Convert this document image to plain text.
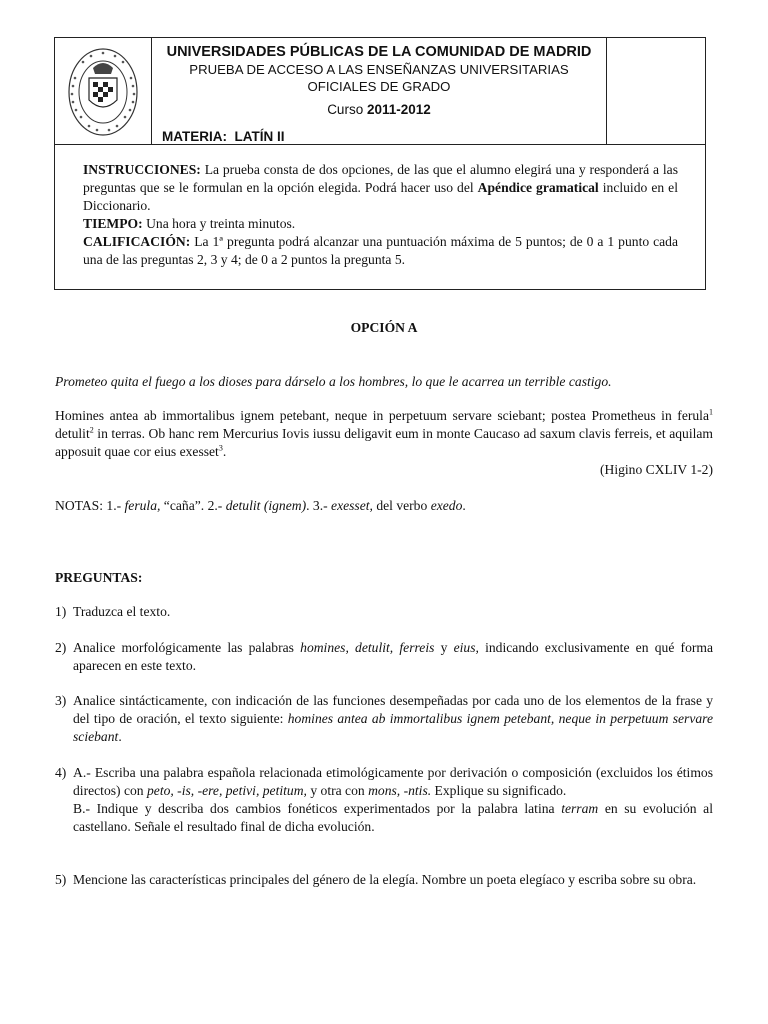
UNIVERSIDADES PÚBLICAS DE LA COMUNIDAD DE MADRID
PRUEBA DE ACCESO A LAS ENSEÑANZAS UNIVERSITARIAS
OFICIALES DE GRADO
Curso 2011-2012
MATERIA: LATÍN II

INSTRUCCIONES: La prueba consta de dos opciones, de las que el alumno elegirá una y responderá a las preguntas que se le formulan en la opción elegida. Podrá hacer uso del Apéndice gramatical incluido en el Diccionario.

TIEMPO: Una hora y treinta minutos.

CALIFICACIÓN: La 1ª pregunta podrá alcanzar una puntuación máxima de 5 puntos; de 0 a 1 punto cada una de las preguntas 2, 3 y 4; de 0 a 2 puntos la pregunta 5.

OPCIÓN A
Prometeo quita el fuego a los dioses para dárselo a los hombres, lo que le acarrea un terrible castigo.

Homines antea ab immortalibus ignem petebant, neque in perpetuum servare sciebant; postea Prometheus in ferula$^1$ detulit$^2$ in terras. Ob hanc rem Mercurius Iovis iussu deligavit eum in monte Caucaso ad saxum clavis ferreis, et aquilam apposuit quae cor eius exesset$^3$.

(Higino CXLIV 1-2)

NOTAS: 1.- ferula, “caña”. 2.- detulit (ignem). 3.- exesset, del verbo exedo.
PREGUNTAS:
1) Traduzca el texto.
2) Analice morfológicamente las palabras homines, detulit, ferreis y eius, indicando exclusivamente en qué forma aparecen en este texto.
3) Analice sintácticamente, con indicación de las funciones desempeñadas por cada uno de los elementos de la frase y del tipo de oración, el texto siguiente: homines antea ab immortalibus ignem petebant, neque in perpetuum servare sciebant.
4) A.- Escriba una palabra española relacionada etimológicamente por derivación o composición (excluidos los étimos directos) con peto, -is, -ere, petivi, petitum, y otra con mons, -ntis. Explique su significado.
B.- Indique y describa dos cambios fonéticos experimentados por la palabra latina terram en su evolución al castellano. Señale el resultado final de dicha evolución.
5) Mencione las características principales del género de la elegía. Nombre un poeta elegíaco y escriba sobre su obra.
